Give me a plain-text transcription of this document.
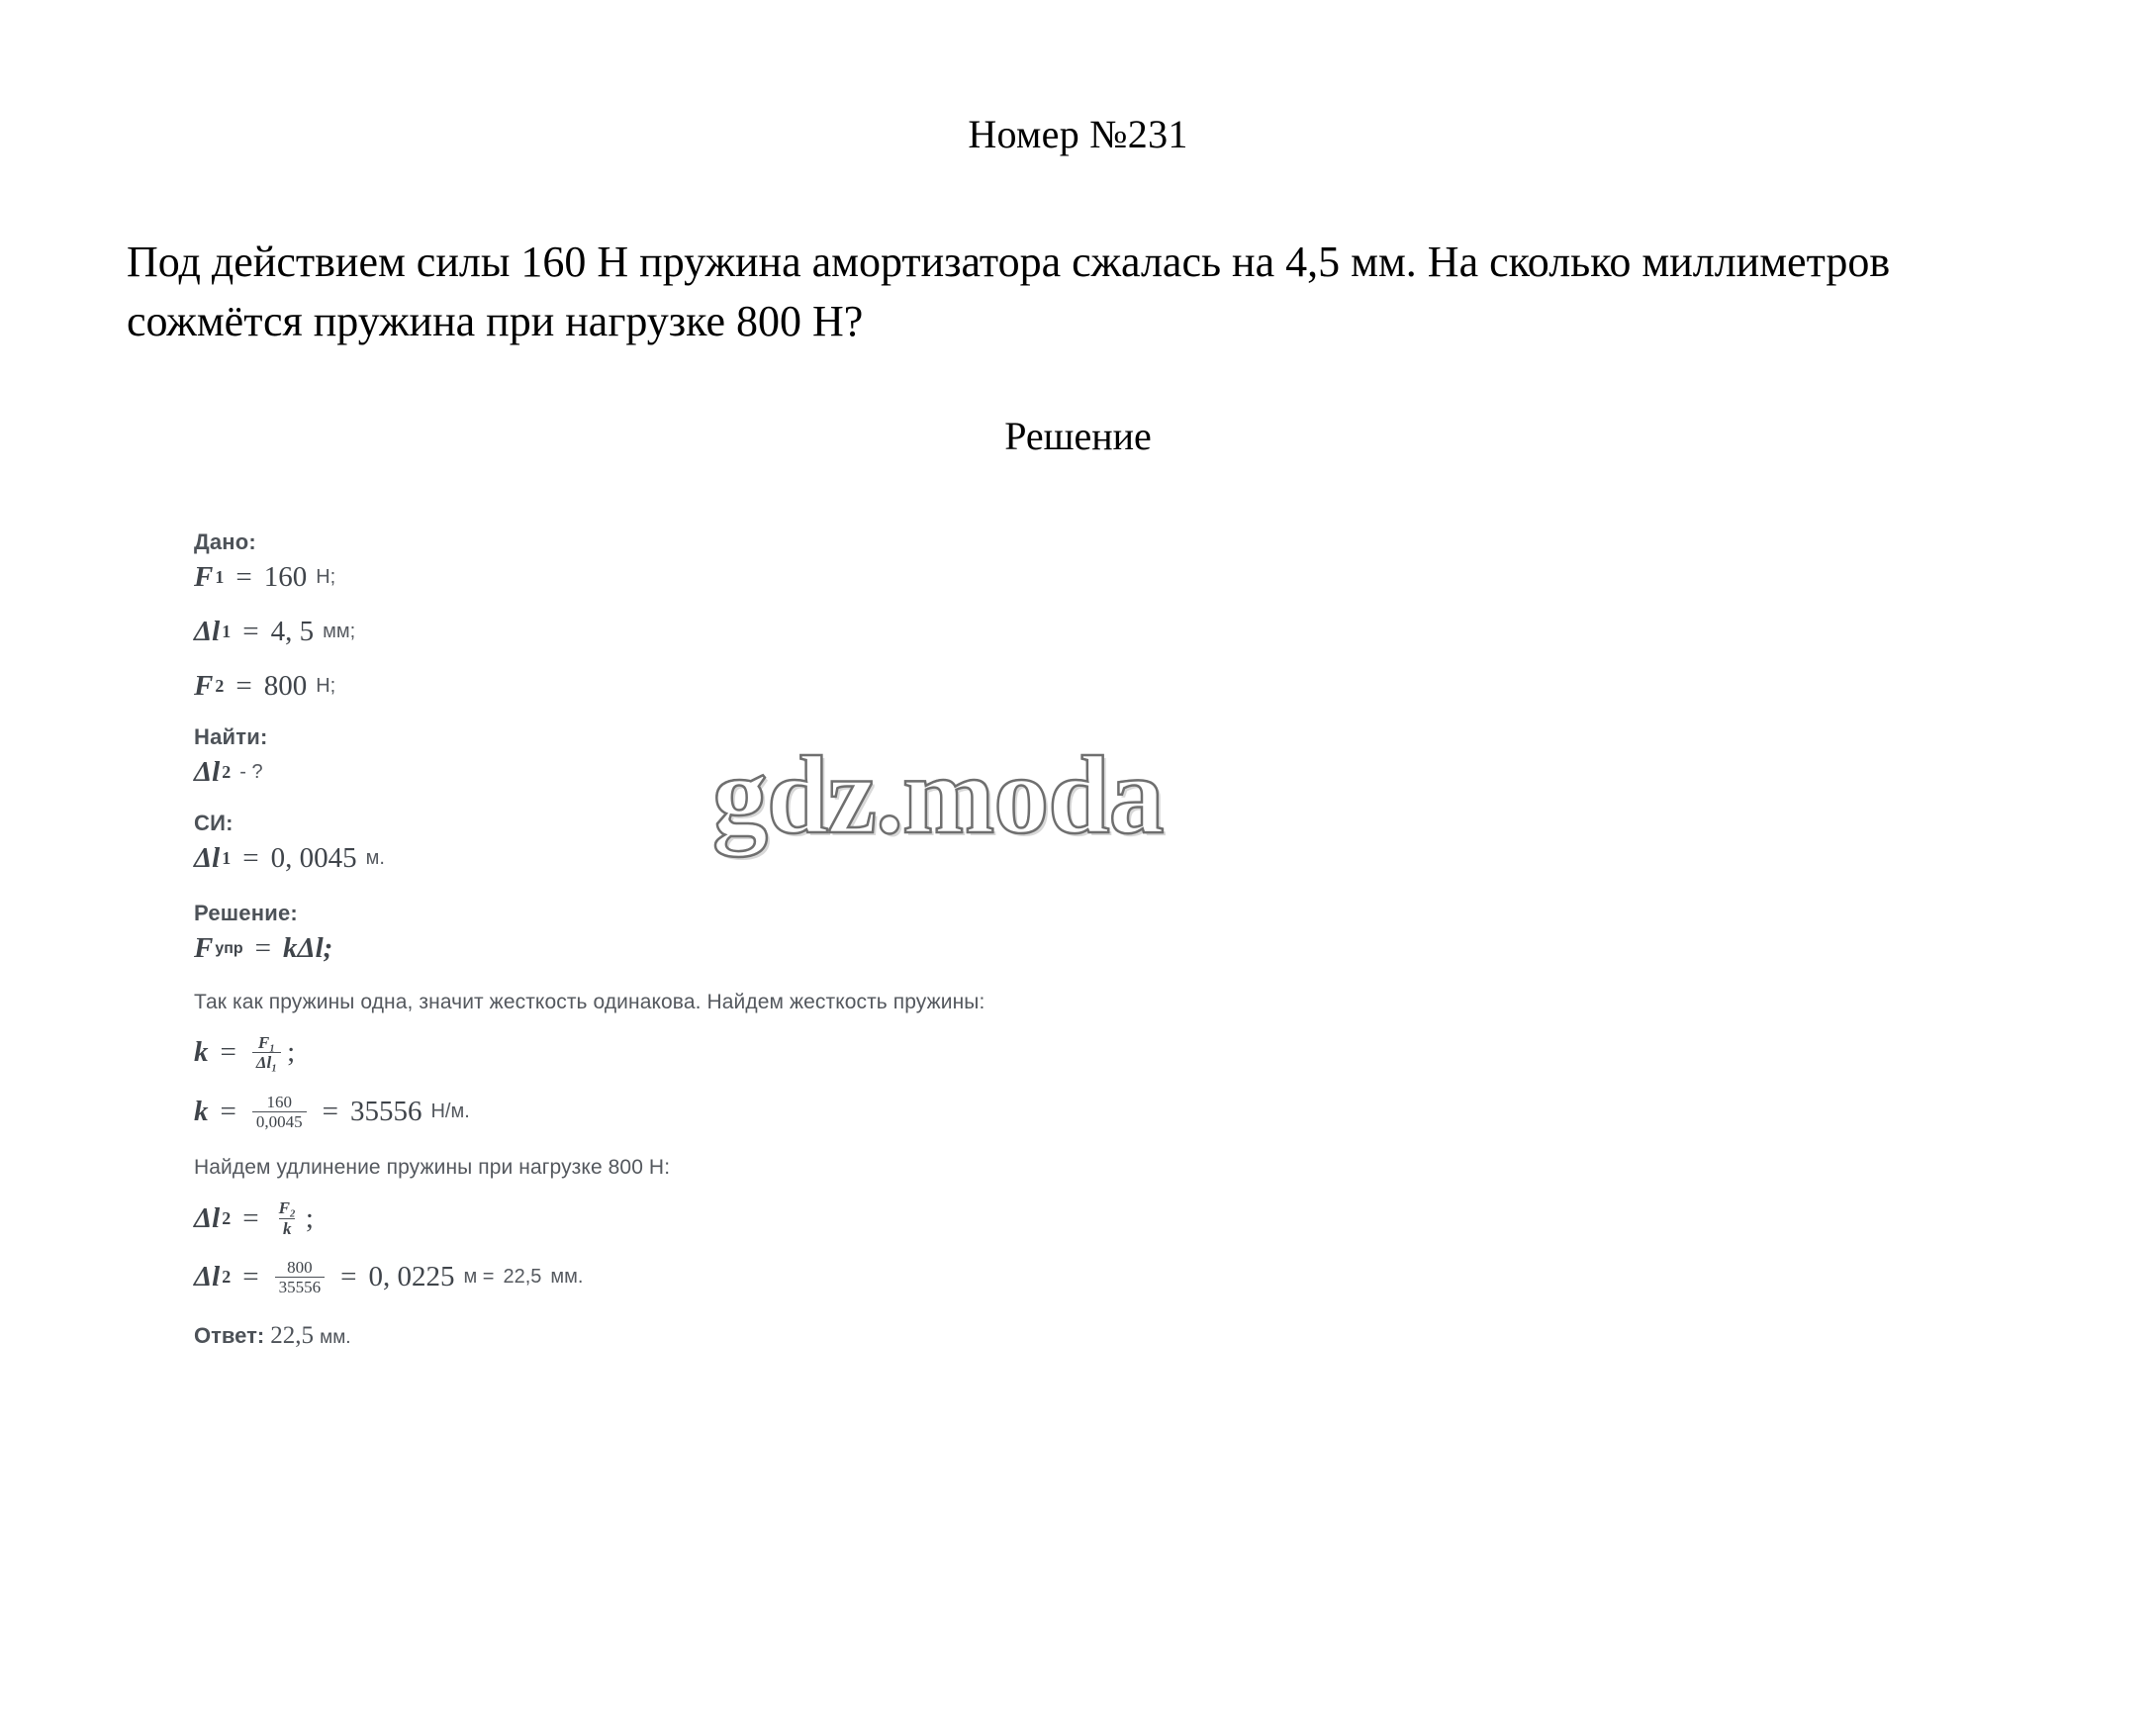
Номер №231
Под действием силы 160 Н пружина амортизатора сжалась на 4,5 мм. На сколько миллиметров сожмётся пружина при нагрузке 800 Н?
Решение
Дано:
F 1 = 160 Н;
Δl 1 = 4, 5 мм;
F 2 = 800 Н;
Найти:
Δl 2 - ?
СИ:
Δl 1 = 0, 0045 м.
Решение:
F упр = kΔl;
Так как пружины одна, значит жесткость одинакова. Найдем жесткость пружины:
$k = \frac{\text{F₁}}{\text{Δl₁}}$ ;
$k = \frac{160}{0,0045} = 35556$ Н/м.
Найдем удлинение пружины при нагрузке 800 Н:
Δl $2 = \frac{\text{F₂}}{k}$ ;
Δl $2 = \frac{800}{35556} = 0$, 0225 м = 22,5 мм.
Ответ: 22,5 мм.
gdz.moda
